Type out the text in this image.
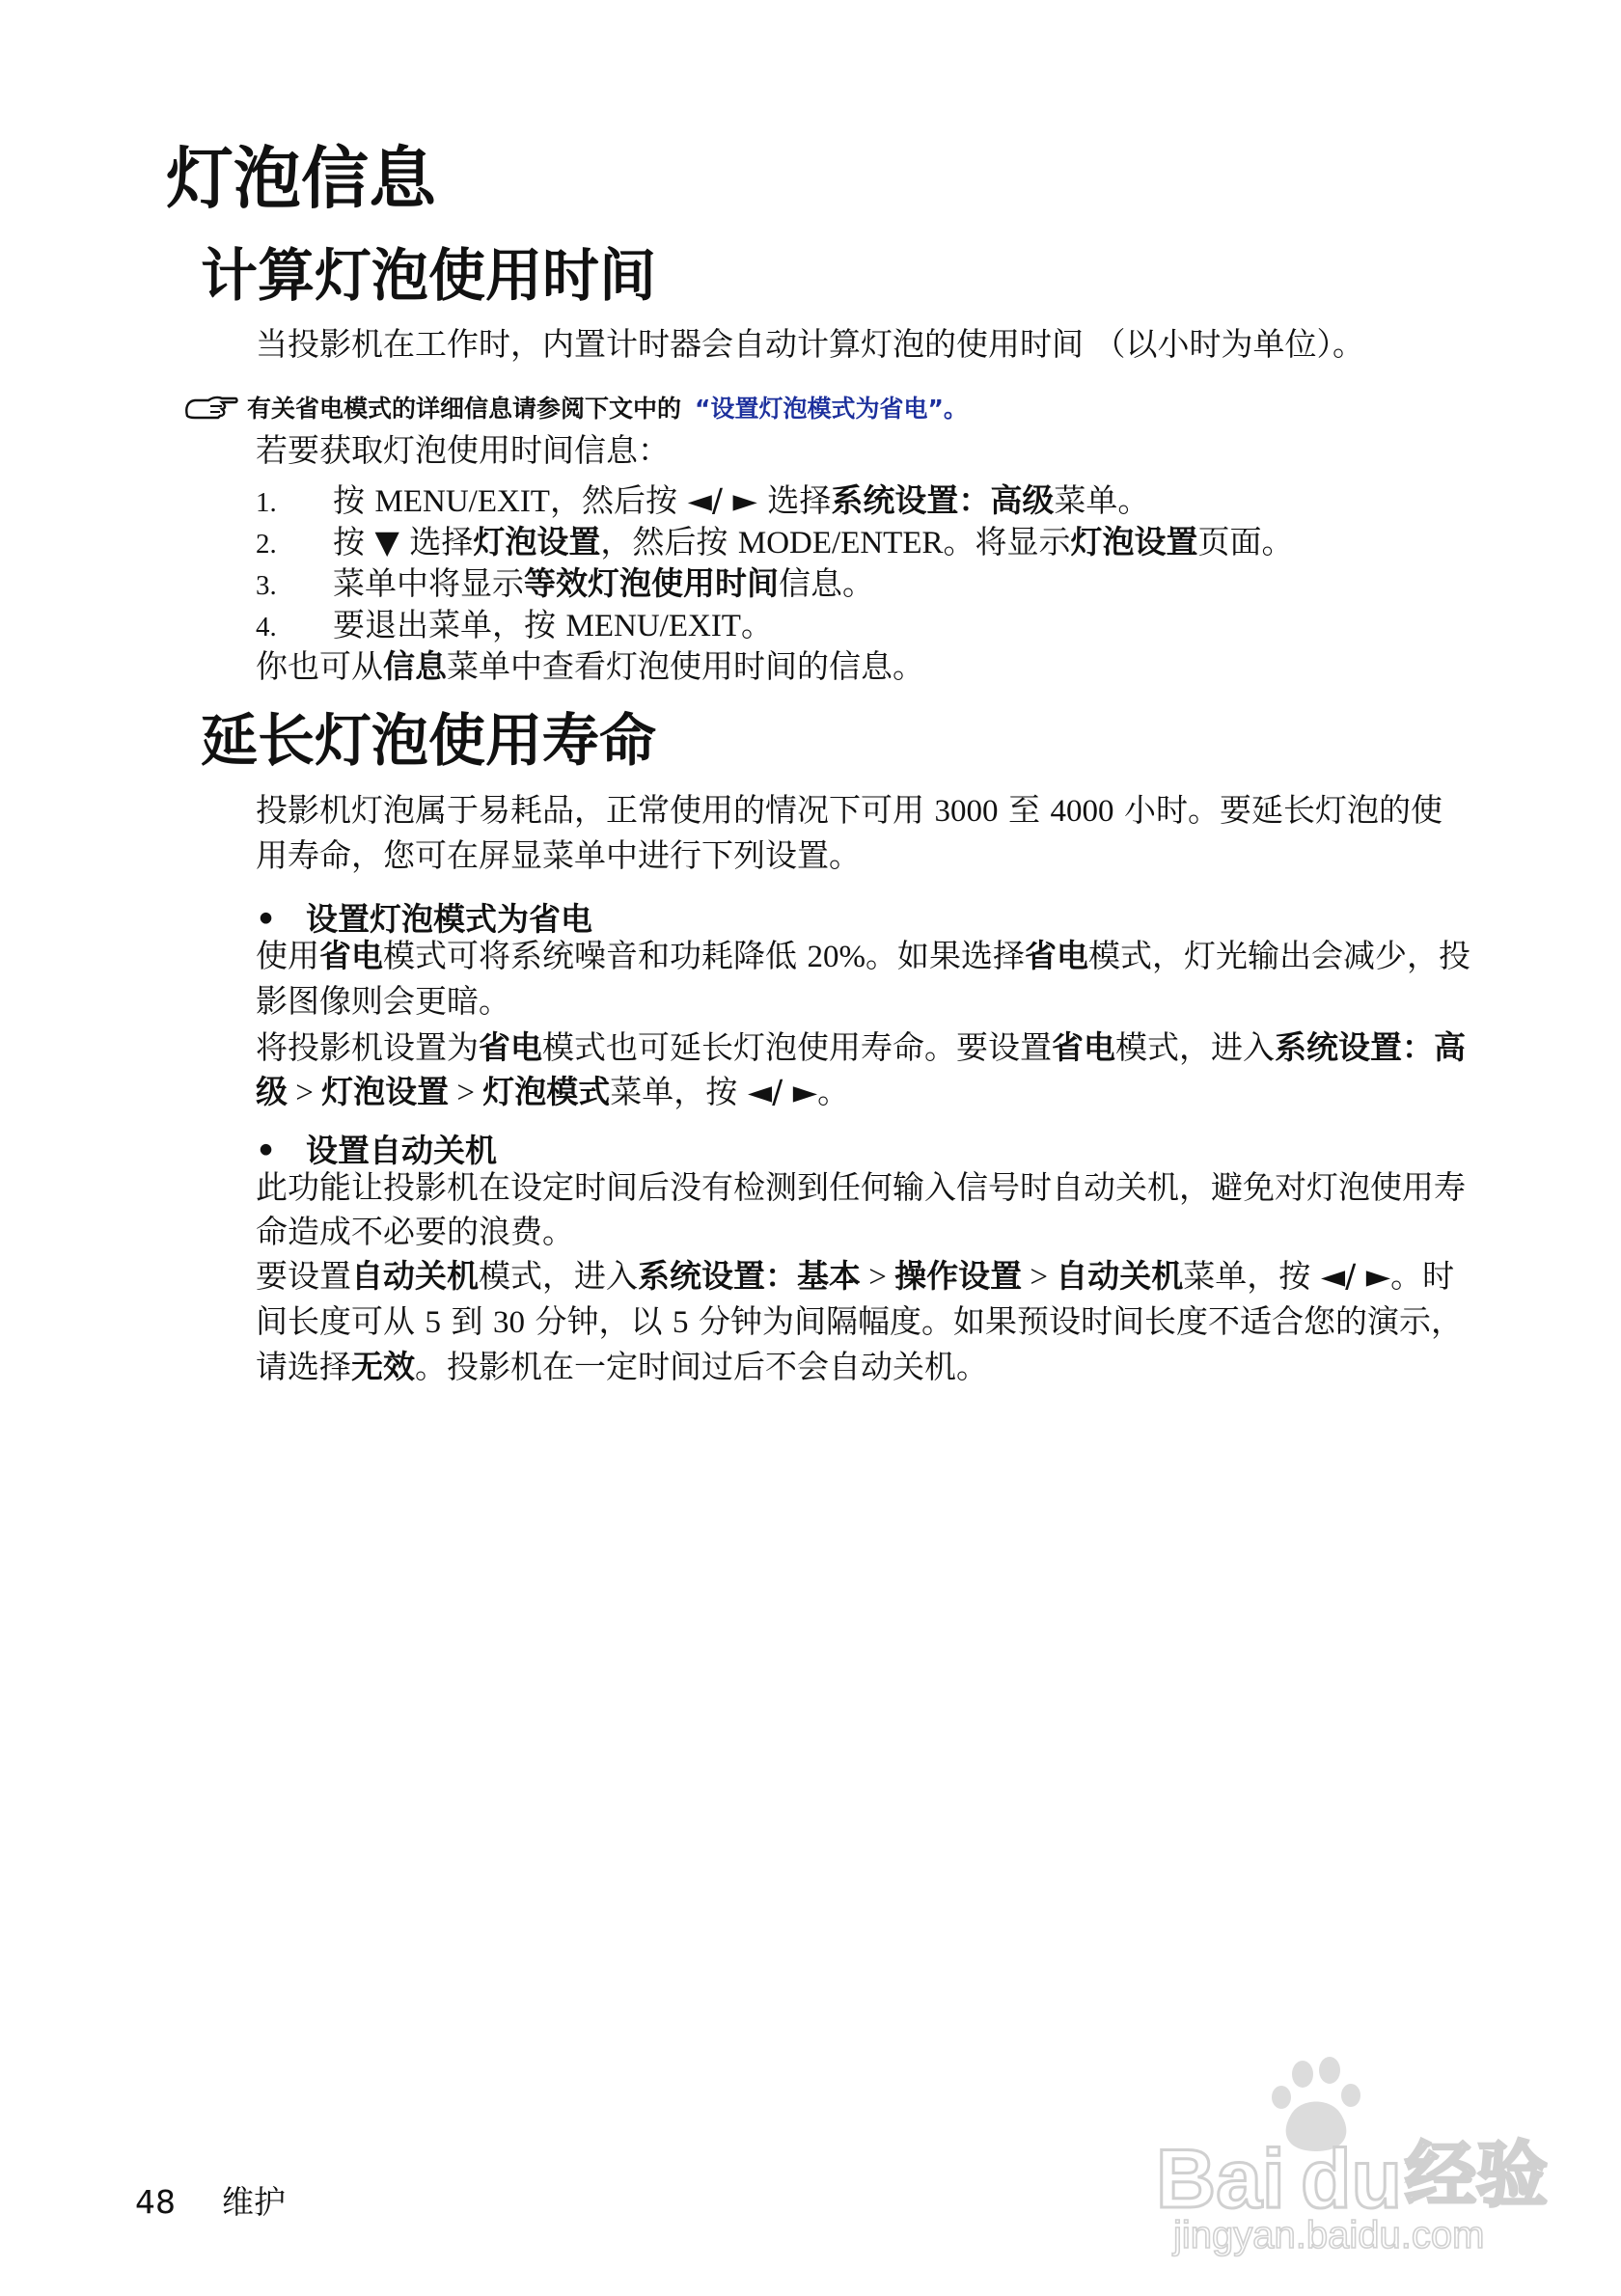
灯泡信息
计算灯泡使用时间
当投影机在工作时，内置计时器会自动计算灯泡的使用时间 （以小时为单位）。
有关省电模式的详细信息请参阅下文中的 “设置灯泡模式为省电”。
若要获取灯泡使用时间信息：
1. 按 MENU/EXIT，然后按 ◄/ ► 选择系统设置：高级菜单。
2. 按 ▼ 选择灯泡设置，然后按 MODE/ENTER。将显示灯泡设置页面。
3. 菜单中将显示等效灯泡使用时间信息。
4. 要退出菜单，按 MENU/EXIT。
你也可从信息菜单中查看灯泡使用时间的信息。
延长灯泡使用寿命
投影机灯泡属于易耗品，正常使用的情况下可用 3000 至 4000 小时。要延长灯泡的使用寿命，您可在屏显菜单中进行下列设置。
• 设置灯泡模式为省电
使用省电模式可将系统噪音和功耗降低 20%。如果选择省电模式，灯光输出会减少，投影图像则会更暗。
将投影机设置为省电模式也可延长灯泡使用寿命。要设置省电模式，进入系统设置：高级 > 灯泡设置 > 灯泡模式菜单，按 ◄/ ►。
• 设置自动关机
此功能让投影机在设定时间后没有检测到任何输入信号时自动关机，避免对灯泡使用寿命造成不必要的浪费。
要设置自动关机模式，进入系统设置：基本 > 操作设置 > 自动关机菜单，按 ◄/ ►。时间长度可从 5 到 30 分钟，以 5 分钟为间隔幅度。如果预设时间长度不适合您的演示，请选择无效。投影机在一定时间过后不会自动关机。
48 维护	Bai du 经验
jingyan.baidu.com
